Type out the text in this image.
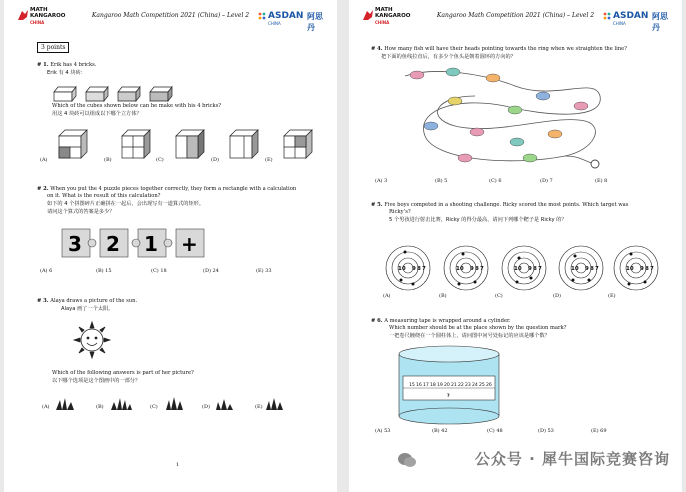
MATH
KANGAROO
CHINA
Kangaroo Math Competition 2021 (China) – Level 2	ASDAN 阿思丹
CHINA
3 points
# 1. Erik has 4 bricks.
Erik 有 4 块砖：
Which of the cubes shown below can he make with his 4 bricks?
用这 4 块砖可以组成以下哪个立方体？
(A)	(B)	(C)	(D)	(E)
# 2. When you put the 4 puzzle pieces together correctly, they form a rectangle with a calculation
on it. What is the result of this calculation?
如下的 4 个拼图碎片正确拼在一起后，会出现写有一道算式的矩形。
请问这个算式的答案是多少？
3 2 1 +
(A) 6	(B) 15	(C) 18	(D) 24	(E) 33
# 3. Alaya draws a picture of the sun.
Alaya 画了一个太阳。
Which of the following answers is part of her picture?
以下哪个选项是这个图画中的一部分？
(A)	(B)	(C)	(D)	(E)
1
MATH
KANGAROO
CHINA
Kangaroo Math Competition 2021 (China) – Level 2	ASDAN 阿思丹
CHINA
# 4. How many fish will have their heads pointing towards the ring when we straighten the line?
把下面的鱼线拉直后，有多少个鱼头是朝着圆环的方向的？
(A) 3	(B) 5	(C) 6	(D) 7	(E) 8
# 5. Five boys competed in a shooting challenge. Ricky scored the most points. Which target was
Ricky’s?
5 个男孩进行射击比赛，Ricky 的得分最高，请问下列哪个靶子是 Ricky 的？
10 9 8 7	10 9 8 7	10 9 8 7	10 9 8 7	10 9 8 7
(A)	(B)	(C)	(D)	(E)
# 6. A measuring tape is wrapped around a cylinder.
Which number should be at the place shown by the question mark?
一把卷尺缠绕在一个圆柱体上，请问图中问号处标记的应该是哪个数？
15 16 17 18 19 20 21 22 23 24 25 26
?
(A) 53	(B) 42	(C) 48	(D) 53	(E) 69
公众号 · 犀牛国际竞赛咨询
